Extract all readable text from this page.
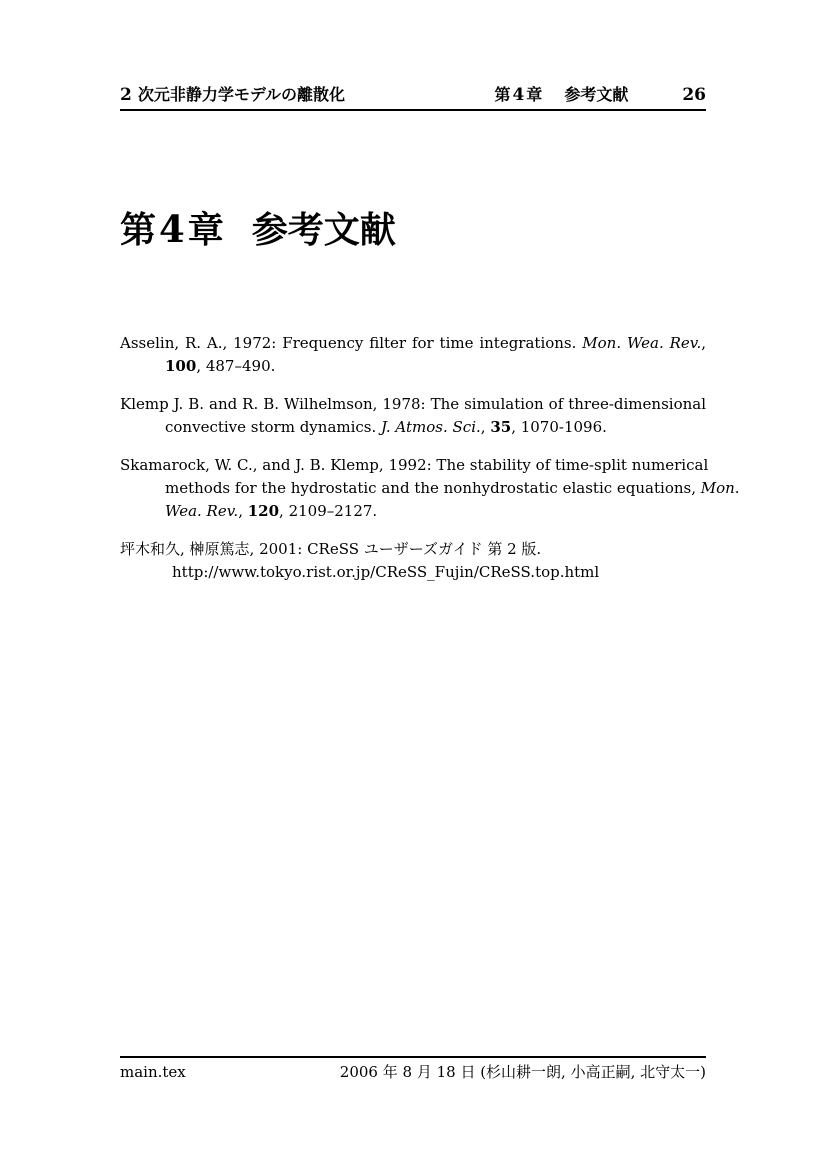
2 次元非静力学モデルの離散化	第 4 章 参考文献	26
第4章 参考文献
Asselin, R. A., 1972: Frequency filter for time integrations. Mon. Wea. Rev.,
100, 487–490.
Klemp J. B. and R. B. Wilhelmson, 1978: The simulation of three-dimensional
convective storm dynamics. J. Atmos. Sci., 35, 1070-1096.
Skamarock, W. C., and J. B. Klemp, 1992: The stability of time-split numerical
methods for the hydrostatic and the nonhydrostatic elastic equations, Mon.
Wea. Rev., 120, 2109–2127.
坪木和久, 榊原篤志, 2001: CReSS ユーザーズガイド 第 2 版.
http://www.tokyo.rist.or.jp/CReSS_Fujin/CReSS.top.html
main.tex	2006 年 8 月 18 日 (杉山耕一朗, 小高正嗣, 北守太一)
